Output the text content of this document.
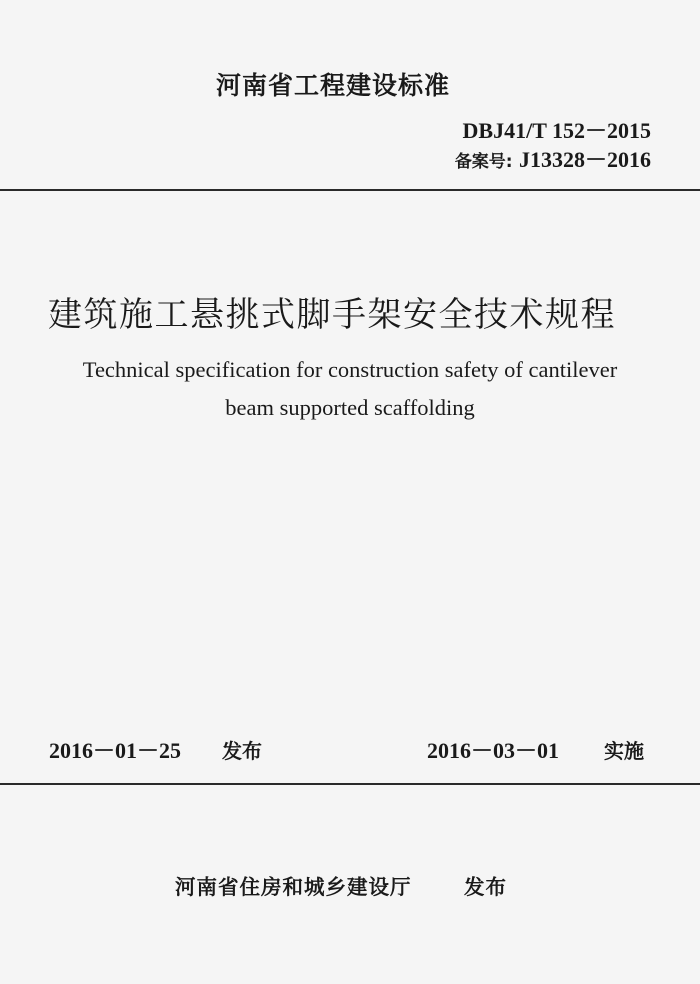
河南省工程建设标准
DBJ41/T 152－2015
备案号: J13328－2016
建筑施工悬挑式脚手架安全技术规程
Technical specification for construction safety of cantilever
beam supported scaffolding
2016－01－25 发布	2016－03－01 实施
河南省住房和城乡建设厅	发布
